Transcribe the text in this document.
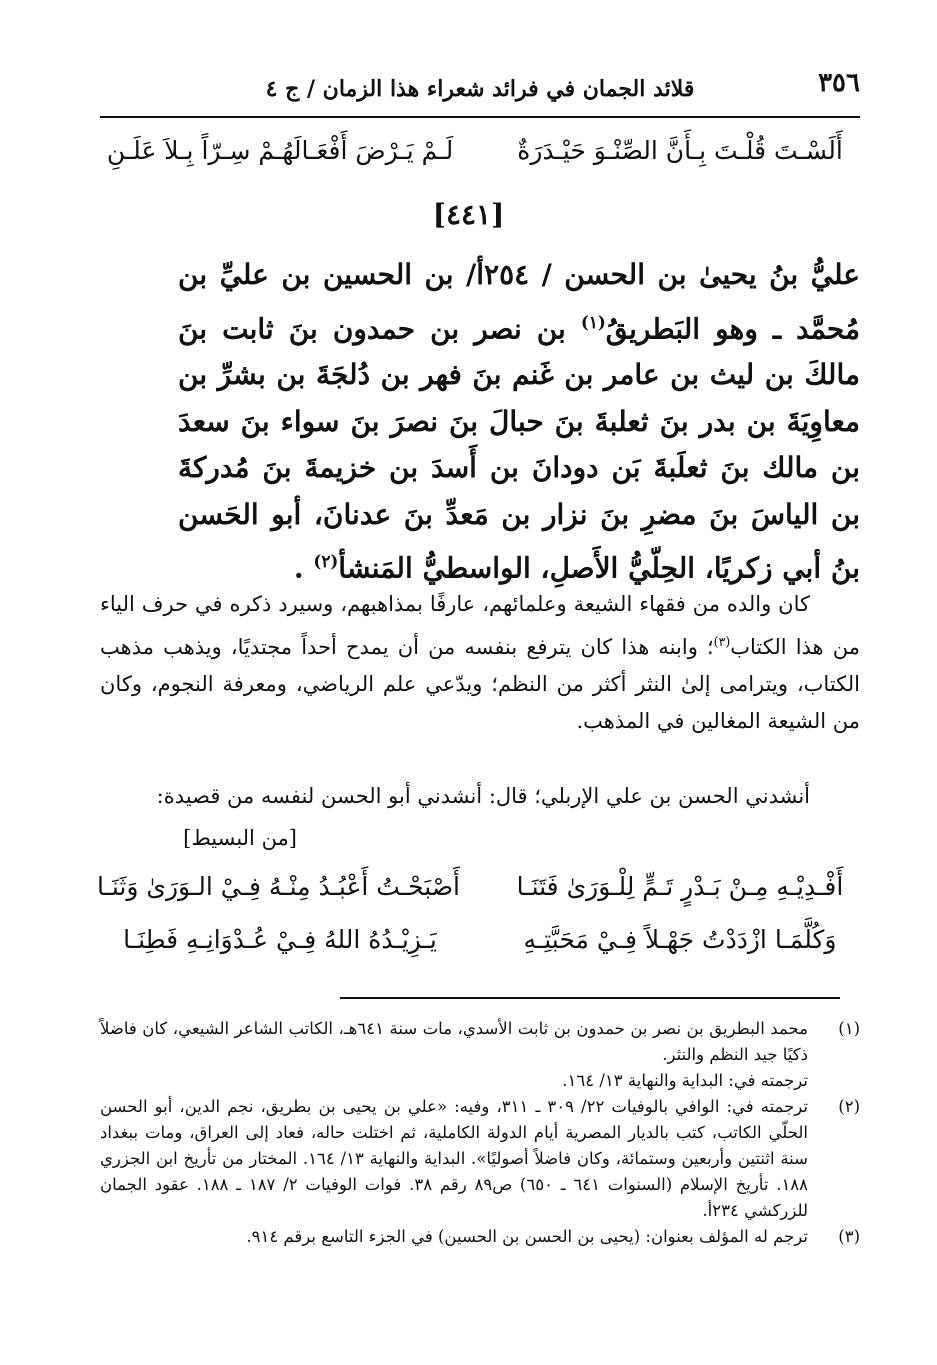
٣٥٦
قلائد الجمان في فرائد شعراء هذا الزمان / ج ٤
أَلَسْـتَ قُلْـتَ بِـأَنَّ الصِّنْـوَ حَيْـدَرَةٌ
لَـمْ يَـرْضَ أَفْعَـالَهُـمْ سِـرّاً بِـلاَ عَلَـنِ
[٤٤١]
عليُّ بنُ يحيىٰ بن الحسن / ٢٥٤أ/ بن الحسين بن عليِّ بن مُحمَّد ـ وهو البَطريقُ$^{(١)}$ بن نصر بن حمدون بنَ ثابت بنَ مالكَ بن ليث بن عامر بن غَنم بنَ فهر بن دُلجَةَ بن بشرِّ بن معاوِيَةَ بن بدر بنَ ثعلبةَ بنَ حبالَ بنَ نصرَ بنَ سواء بنَ سعدَ بن مالك بنَ ثعلَبةَ بَن دودانَ بن أَسدَ بن خزيمةَ بنَ مُدركةَ بن الياسَ بنَ مضرِ بنَ نزار بن مَعدِّ بنَ عدنانَ، أبو الحَسن بنُ أبي زكريًا، الحِلّيُّ الأَصلِ، الواسطيُّ المَنشأ$^{(٢)}$ .
كان والده من فقهاء الشيعة وعلمائهم، عارفًا بمذاهبهم، وسيرد ذكره في حرف الياء من هذا الكتاب$^{(٣)}$؛ وابنه هذا كان يترفع بنفسه من أن يمدح أحداً مجتديًا، ويذهب مذهب الكتاب، ويترامى إلىٰ النثر أكثر من النظم؛ ويدّعي علم الرياضي، ومعرفة النجوم، وكان من الشيعة المغالين في المذهب.
أنشدني الحسن بن علي الإربلي؛ قال: أنشدني أبو الحسن لنفسه من قصيدة:
[من البسيط]
أَفْـدِيْـهِ مِـنْ بَـدْرٍ تَـمٍّ لِلْـوَرَىٰ فَتَنَـا
أَصْبَحْـتُ أَعْبُـدُ مِنْـهُ فِـيْ الـوَرَىٰ وَثَنَـا
وَكُلَّمَـا ازْدَدْتُ جَهْـلاً فِـيْ مَحَبَّتِـهِ
يَـزِيْـدُهُ اللهُ فِـيْ عُـدْوَانِـهِ فَطِنَـا
(١)
محمد البطريق بن نصر بن حمدون بن ثابت الأسدي، مات سنة ٦٤١هـ، الكاتب الشاعر الشيعي، كان فاضلاً ذكيًا جيد النظم والنثر.
ترجمته في: البداية والنهاية ١٣/ ١٦٤.
(٢)
ترجمته في: الوافي بالوفيات ٢٢/ ٣٠٩ ـ ٣١١، وفيه: «علي بن يحيى بن بطريق، نجم الدين، أبو الحسن الحلّي الكاتب، كتب بالديار المصرية أيام الدولة الكاملية، ثم اختلت حاله، فعاد إلى العراق، ومات ببغداد سنة اثنتين وأربعين وستمائة، وكان فاضلاً أصوليًا». البداية والنهاية ١٣/ ١٦٤. المختار من تأريخ ابن الجزري ١٨٨. تأريخ الإسلام (السنوات ٦٤١ ـ ٦٥٠) ص٨٩ رقم ٣٨. فوات الوفيات ٢/ ١٨٧ ـ ١٨٨. عقود الجمان للزركشي ٢٣٤أ.
(٣)
ترجم له المؤلف بعنوان: (يحيى بن الحسن بن الحسين) في الجزء التاسع برقم ٩١٤.
